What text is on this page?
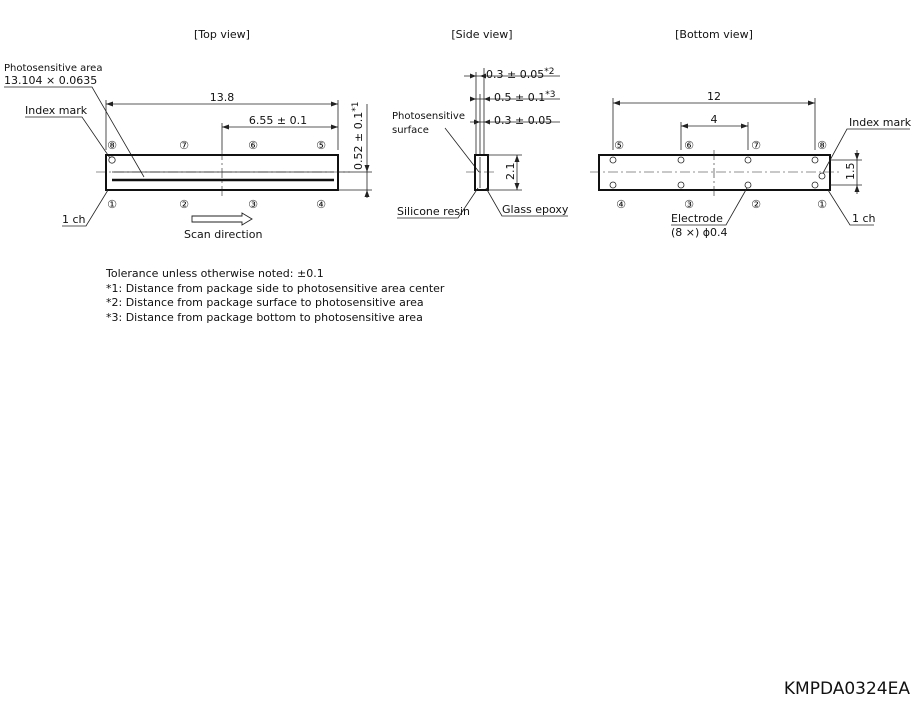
[Top view]
Photosensitive area
13.104 × 0.0635
Index mark
13.8
6.55 ± 0.1
⑧	⑦	⑥	⑤ $0.52 \pm 0.1^{*1}$
①	②	③	④
1 ch
Scan direction
[Side view]
$0.3 \pm 0.05^{*2}$
$0.5 \pm 0.1^{*3}$
0.3 ± 0.05
Photosensitive
surface
2.1
Silicone resin	Glass epoxy
[Bottom view]
12
4
⑤	⑥	⑦	⑧
Index mark
1.5
④	③	②	①
1 ch
Electrode
(8 ×) ϕ0.4
Tolerance unless otherwise noted: ±0.1
*1: Distance from package side to photosensitive area center
*2: Distance from package surface to photosensitive area
*3: Distance from package bottom to photosensitive area
KMPDA0324EA
